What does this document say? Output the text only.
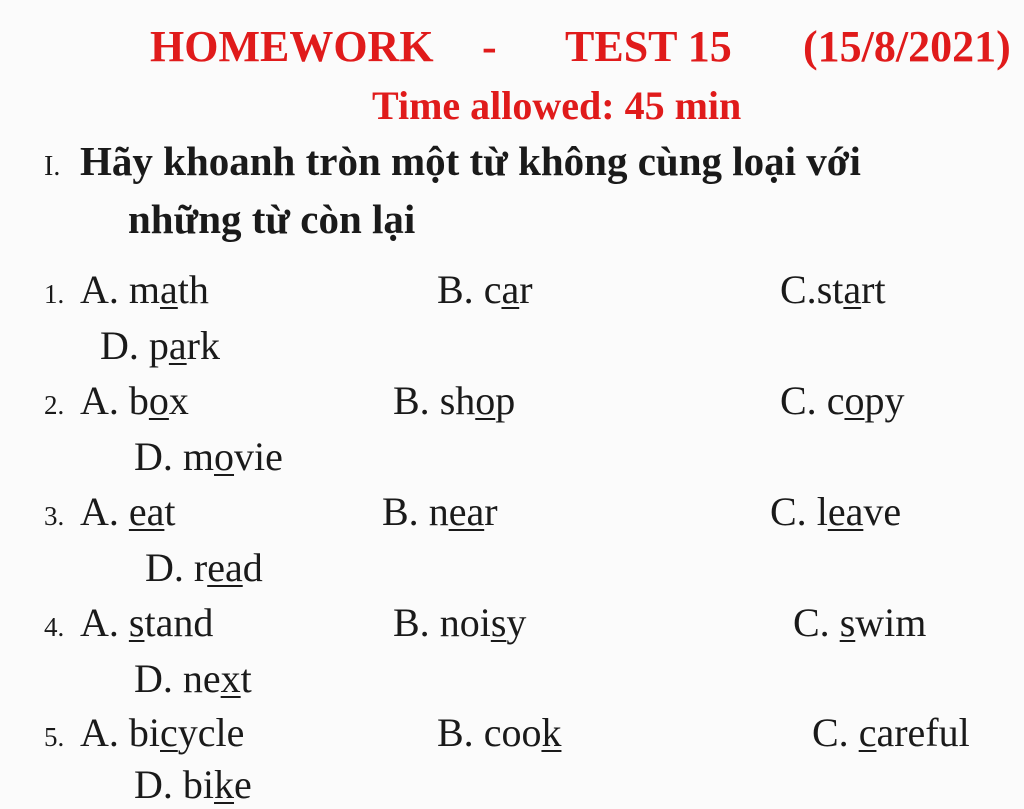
HOMEWORK - TEST 15 (15/8/2021)
Time allowed: 45 min
I. Hãy khoanh tròn một từ không cùng loại với
những từ còn lại
1. A. math	B. car	C.start
D. park
2. A. box	B. shop	C. copy
D. movie
3. A. eat	B. near	C. leave
D. read
4. A. stand	B. noisy	C. swim
D. next
5. A. bicycle	B. cook	C. careful
D. bike
